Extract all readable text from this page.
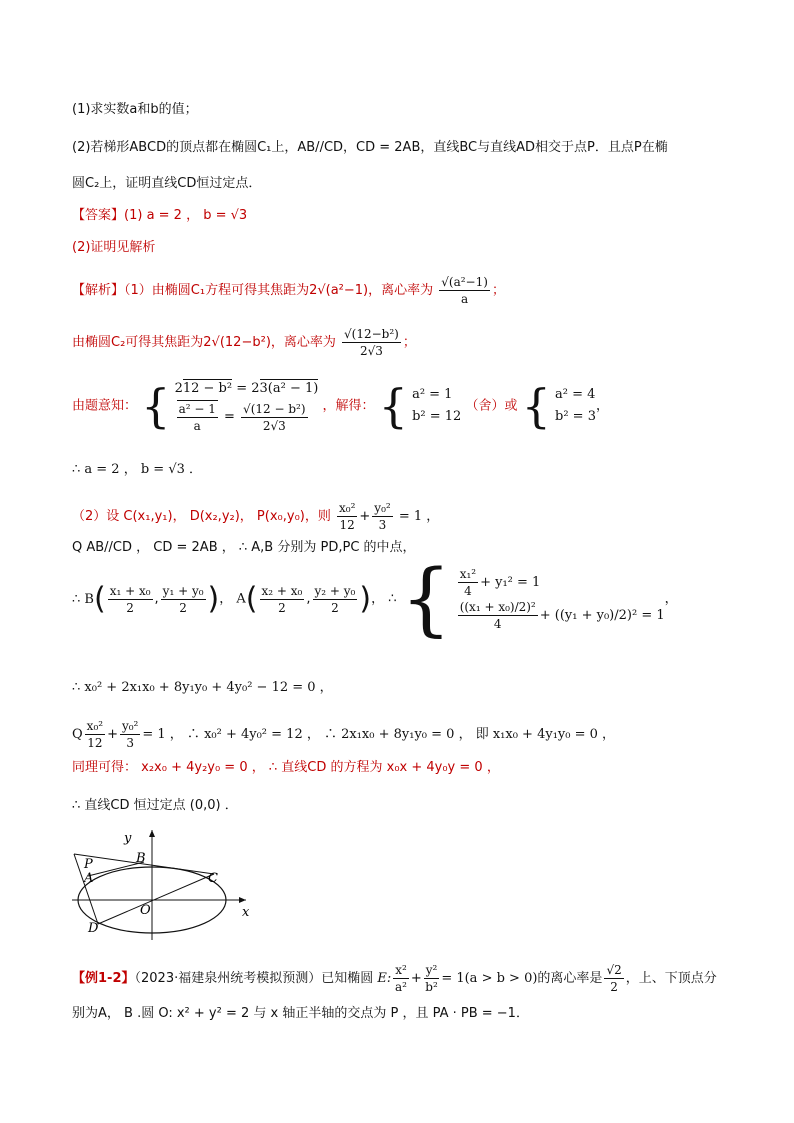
(1)求实数a和b的值；
(2)若梯形ABCD的顶点都在椭圆C₁上，AB//CD，CD = 2AB，直线BC与直线AD相交于点P．且点P在椭
圆C₂上，证明直线CD恒过定点．
【答案】(1) a = 2 ， b = √3
(2)证明见解析
【解析】（1）由椭圆C₁方程可得其焦距为2√(a²−1)，离心率为 $\frac{\text{√(a²−1)}}{a}$ ；
由椭圆C₂可得其焦距为2√(12−b²)，离心率为 $\frac{\text{√(12−b²)}}{2√3}$ ；
由题意知： { 212 − b² = 23(a² − 1)
$\frac{\text{a² − 1}}{a} = \frac{\text{√(12 − b²)}}{2√3}$ ，解得： { a² = 1
b² = 12
（舍）或 { a² = 4
b² = 3
，
∴ a = 2 ， b = √3 ．
（2）设 C(x₁,y₁)， D(x₂,y₂)， P(x₀,y₀)，则 $\frac{\text{x₀²}}{12} + \frac{\text{y₀²}}{3} = 1$ ，
Q AB//CD ， CD = 2AB ， ∴ A,B 分别为 PD,PC 的中点，
∴ $B( \frac{\text{x₁ + x₀}}{2}$ , $\frac{\text{y₁ + y₀}}{2}$ )， $A( \frac{\text{x₂ + x₀}}{2}$ , $\frac{\text{y₂ + y₀}}{2}$ )， ∴ { $\frac{\text{x₁²}}{4} + y_1^2 = 1$
$\frac{\text{((x₁ + x₀)/2)²}}{4} + ((y_1 + y_0)/2)^2 = 1$
，
∴ x₀² + 2x₁x₀ + 8y₁y₀ + 4y₀² − 12 = 0 ，
Q $\frac{\text{x₀²}}{12} + \frac{\text{y₀²}}{3} = 1$ ， ∴ x₀² + 4y₀² = 12 ， ∴ 2x₁x₀ + 8y₁y₀ = 0 ， 即 x₁x₀ + 4y₁y₀ = 0 ，
同理可得： x₂x₀ + 4y₂y₀ = 0 ， ∴ 直线CD 的方程为 x₀x + 4y₀y = 0 ，
∴ 直线CD 恒过定点 (0,0) ．
y
x
P	B
A	C
O
D
【例1-2】（2023·福建泉州统考模拟预测）已知椭圆 E: $\frac{\text{x²}}{\text{a²}} + \frac{\text{y²}}{\text{b²}} = 1(a > b > 0)$的离心率是 $\frac{√2}{2}$ ，上、下顶点分
别为A， B .圆 O: x² + y² = 2 与 x 轴正半轴的交点为 P ，且 PA · PB = −1．
